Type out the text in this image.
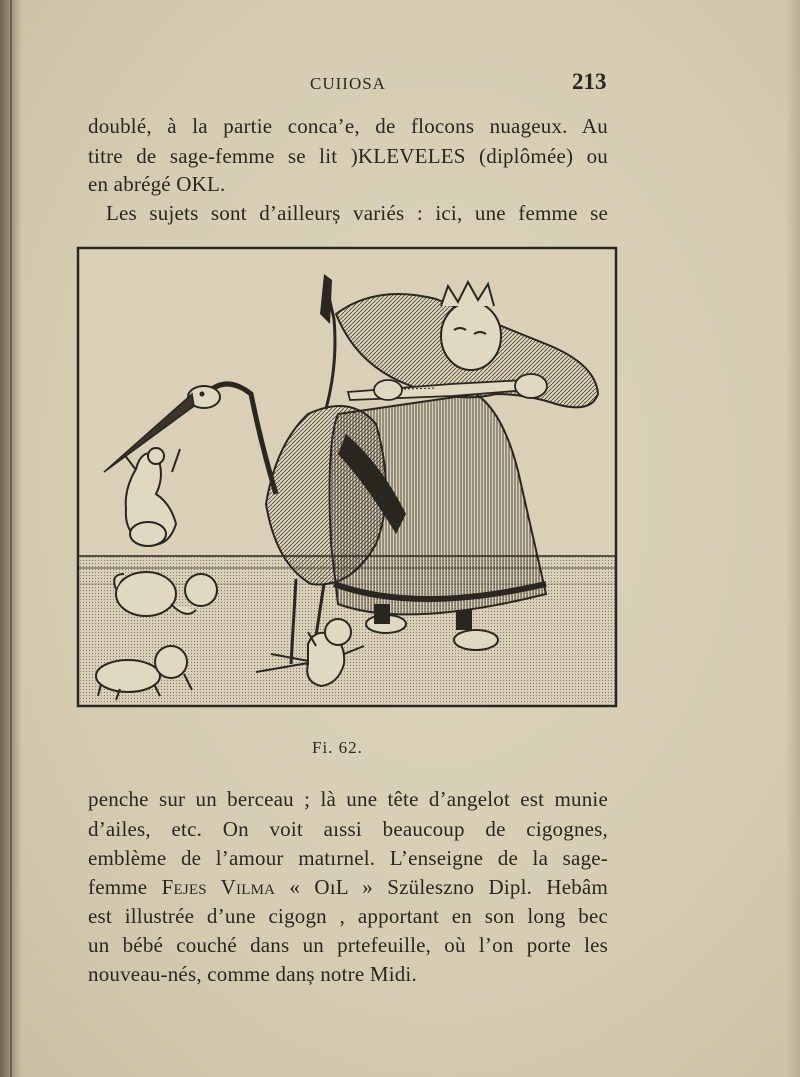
CUIIOSA	213
doublé, à la partie conca’e, de flocons nuageux. Au
titre de sage-femme se lit )KLEVELES (diplômée) ou
en abrégé OKL.
Les sujets sont d’ailleurș variés : ici, une femme se
Fi. 62.
penche sur un berceau ; là une tête d’angelot est munie
d’ailes, etc. On voit aıssi beaucoup de cigognes,
emblème de l’amour matırnel. L’enseigne de la sage-
femme Fejes Vilma « OıL » Szüleszno Dipl. Hebâm
est illustrée d’une cigogn , apportant en son long bec
un bébé couché dans un prtefeuille, où l’on porte les
nouveau-nés, comme danș notre Midi.
